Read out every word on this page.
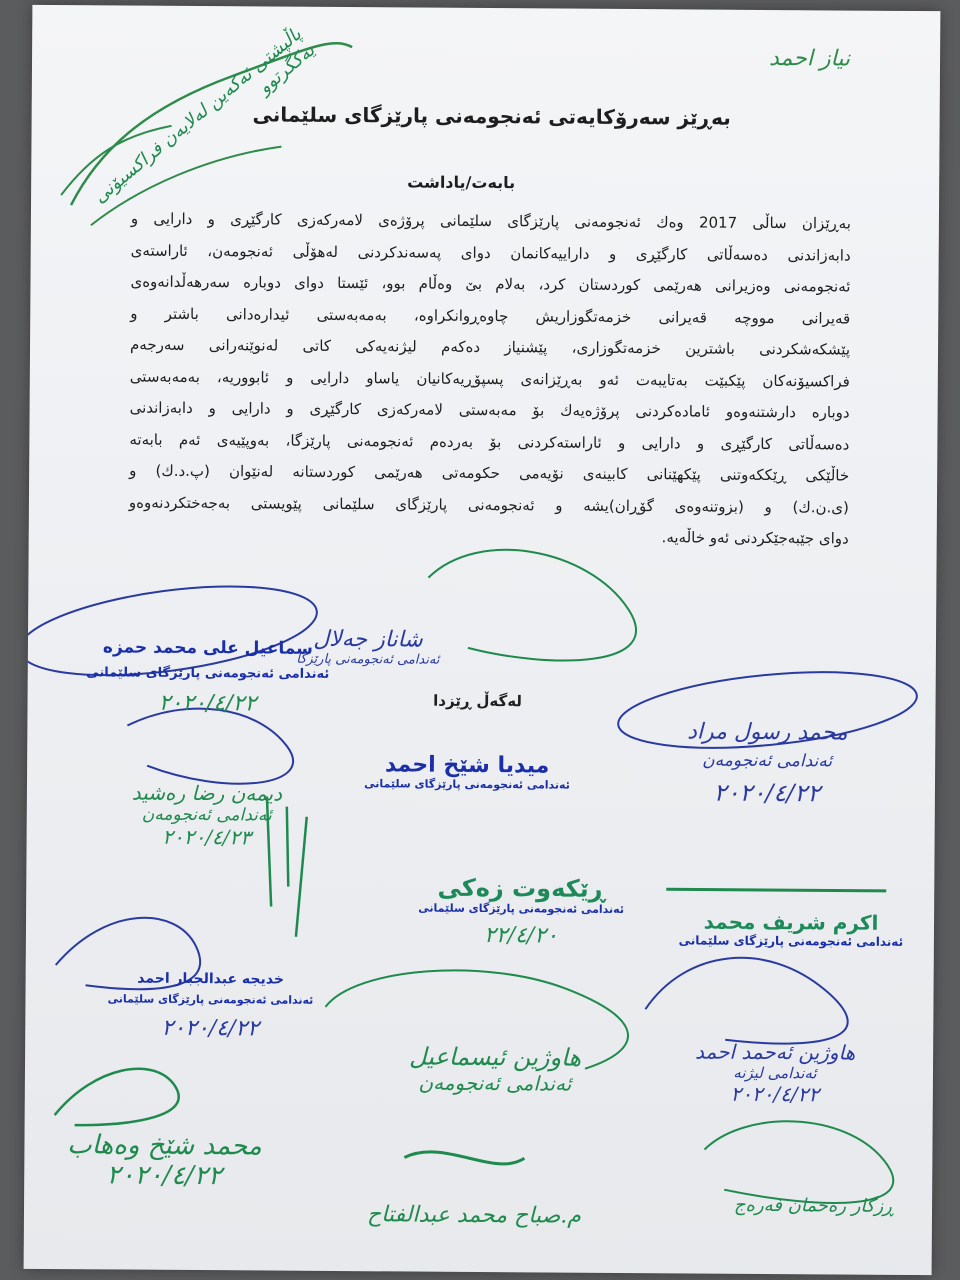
نیاز احمد
پاڵپشتی ئەکەین لەلایەن فراکسیۆنی یەکگرتوو
بەڕێز سەرۆکایەتی ئەنجومەنی پارێزگای سلێمانی
بابەت/یاداشت
بەڕێزان ساڵی 2017 وەك ئەنجومەنی پارێزگای سلێمانی پرۆژەی لامەرکەزی کارگێڕی و دارایی و
دابەزاندنی دەسەڵاتی کارگێڕی و داراییەکانمان دوای پەسەندکردنی لەهۆڵی ئەنجومەن، ئاراستەی
ئەنجومەنی وەزیرانی هەرێمی کوردستان کرد، بەلام بێ وەڵام بوو، ئێستا دوای دوبارە سەرهەڵدانەوەی
قەیرانی مووچە قەیرانی خزمەتگوزاریش چاوەڕوانکراوە، بەمەبەستی ئیدارەدانی باشتر و
پێشکەشکردنی باشترین خزمەتگوزاری، پێشنیاز دەکەم لیژنەیەکی کاتی لەنوێنەرانی سەرجەم
فراکسیۆنەکان پێکبێت بەتایبەت ئەو بەڕێزانەی پسپۆڕیەکانیان یاساو دارایی و ئابووریە، بەمەبەستی
دوبارە دارشتنەوەو ئامادەکردنی پرۆژەیەك بۆ مەبەستی لامەرکەزی کارگێڕی و دارایی و دابەزاندنی
دەسەڵاتی کارگێڕی و دارایی و ئاراستەکردنی بۆ بەردەم ئەنجومەنی پارێزگا، بەوپێیەی ئەم بابەتە
خاڵێکی ڕێککەوتنی پێکهێنانی کابینەی نۆیەمی حکومەتی هەرێمی کوردستانە لەنێوان (پ.د.ك) و
(ی.ن.ك) و (بزوتنەوەی گۆڕان)یشە و ئەنجومەنی پارێزگای سلێمانی پێویستی بەجەختکردنەوەو
دوای جێبەجێکردنی ئەو خاڵەیە.
لەگەڵ ڕێزدا
سماعیل علی محمد حمزە
ئەندامی ئەنجومەنی پارێزگای سلێمانی
٢٠٢٠/٤/٢٢
میدیا شێخ احمد
ئەندامی ئەنجومەنی پارێزگای سلێمانی
ڕێکەوت زەکی
ئەندامی ئەنجومەنی پارێزگای سلێمانی
٢٢/٤/٢٠
اکرم شریف محمد
ئەندامی ئەنجومەنی پارێزگای سلێمانی
خدیجە عبدالجبار احمد
ئەندامی ئەنجومەنی پارێزگای سلێمانی
٢٠٢٠/٤/٢٢
شاناز جەلال
ئەندامی ئەنجومەنی پارێزگا
محمد رسول مراد
ئەندامی ئەنجومەن
٢٠٢٠/٤/٢٢
دیمەن رضا رەشید
ئەندامی ئەنجومەن
٢٠٢٠/٤/٢٣
هاوژین ئیسماعیل
ئەندامی ئەنجومەن
هاوژین ئەحمد احمد
ئەندامی لیژنە
٢٠٢٠/٤/٢٢
محمد شێخ وەهاب
٢٠٢٠/٤/٢٢
م.صباح محمد عبدالفتاح	ڕزگار رەحمان فەرەج
